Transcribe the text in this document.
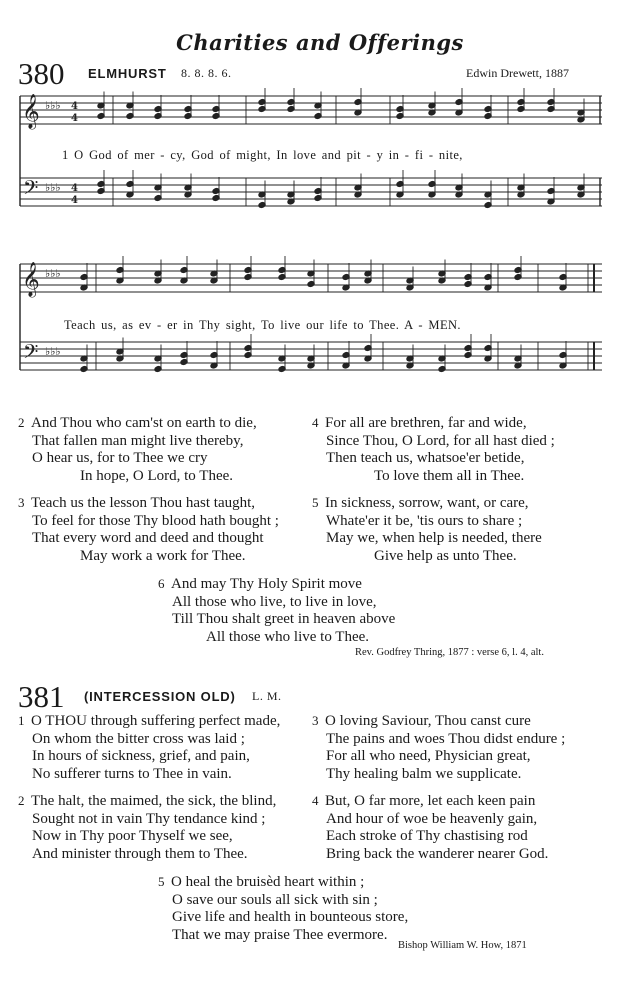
Charities and Offerings
380 ELMHURST 8. 8. 8. 6.	Edwin Drewett, 1887
𝄞
𝄢
♭♭♭
♭♭♭
4
4
4
4
1 O God of mer - cy, God of might, In love and pit - y in - fi - nite,
𝄞
𝄢
♭♭♭
♭♭♭
Teach us, as ev - er in Thy sight, To live our life to Thee. A - MEN.
2 And Thou who cam'st on earth to die,
That fallen man might live thereby,
O hear us, for to Thee we cry
In hope, O Lord, to Thee.
4 For all are brethren, far and wide,
Since Thou, O Lord, for all hast died ;
Then teach us, whatsoe'er betide,
To love them all in Thee.
3 Teach us the lesson Thou hast taught,
To feel for those Thy blood hath bought ;
That every word and deed and thought
May work a work for Thee.
5 In sickness, sorrow, want, or care,
Whate'er it be, 'tis ours to share ;
May we, when help is needed, there
Give help as unto Thee.
6 And may Thy Holy Spirit move
All those who live, to live in love,
Till Thou shalt greet in heaven above
All those who live to Thee.
Rev. Godfrey Thring, 1877 : verse 6, l. 4, alt.
381 (INTERCESSION OLD) L. M.
1 O THOU through suffering perfect made,
On whom the bitter cross was laid ;
In hours of sickness, grief, and pain,
No sufferer turns to Thee in vain.
3 O loving Saviour, Thou canst cure
The pains and woes Thou didst endure ;
For all who need, Physician great,
Thy healing balm we supplicate.
2 The halt, the maimed, the sick, the blind,
Sought not in vain Thy tendance kind ;
Now in Thy poor Thyself we see,
And minister through them to Thee.
4 But, O far more, let each keen pain
And hour of woe be heavenly gain,
Each stroke of Thy chastising rod
Bring back the wanderer nearer God.
5 O heal the bruisèd heart within ;
O save our souls all sick with sin ;
Give life and health in bounteous store,
That we may praise Thee evermore.
Bishop William W. How, 1871
